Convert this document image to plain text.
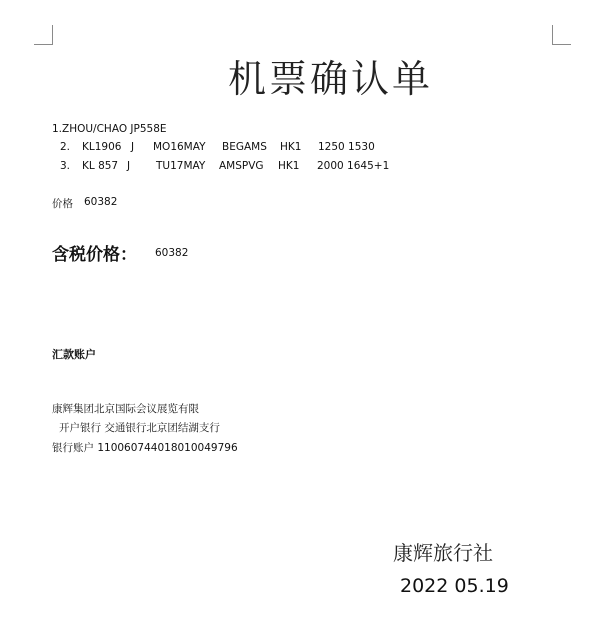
机票确认单
1.ZHOU/CHAO JP558E
2. KL1906 J MO16MAY BEGAMS HK1 1250 1530
3. KL 857 J TU17MAY AMSPVG HK1 2000 1645+1
价格 60382
含税价格： 60382
汇款账户
康辉集团北京国际会议展览有限
开户银行 交通银行北京团结湖支行
银行账户 110060744018010049796
康辉旅行社
2022 05.19
